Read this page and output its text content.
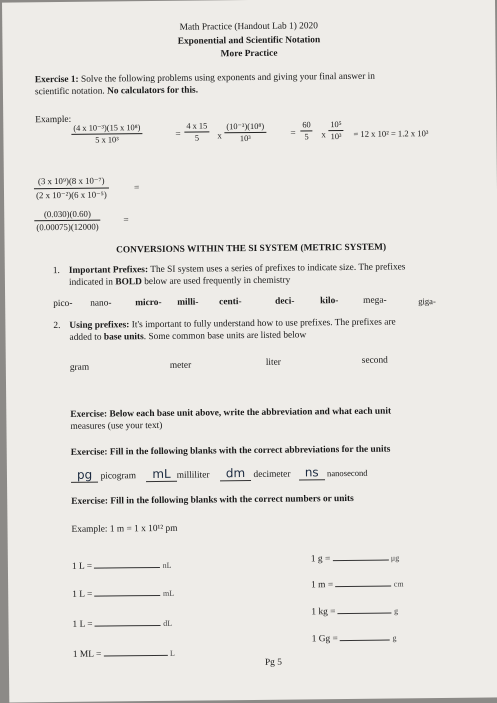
Math Practice (Handout Lab 1) 2020
Exponential and Scientific Notation
More Practice
Exercise 1: Solve the following problems using exponents and giving your final answer in
scientific notation. No calculators for this.
Example:
$\frac{\text{(4 x 10⁻³)(15 x 10⁸)}}{\text{5 x 10³}}$	= $\frac{4 x 15}{5}$ x $\frac{\text{(10⁻³)(10⁸)}}{\text{10³}}$	= $\frac{60}{5}$ x $\frac{\text{10⁵}}{\text{10³}} = 12$ x 10² = 1.2 x 10³
$\frac{\text{(3 x 10⁹)(8 x 10⁻⁷)}}{\text{(2 x 10⁻²)(6 x 10⁻⁵)}}$	=
$\frac{(0.030)(0.60)}{(0.00075)(12000)}$ =
CONVERSIONS WITHIN THE SI SYSTEM (METRIC SYSTEM)
1. Important Prefixes: The SI system uses a series of prefixes to indicate size. The prefixes
indicated in BOLD below are used frequently in chemistry
pico- nano-	micro- milli- centi-	deci-	kilo-	mega-	giga-
2. Using prefixes: It's important to fully understand how to use prefixes. The prefixes are
added to base units. Some common base units are listed below
gram	meter	liter	second
Exercise: Below each base unit above, write the abbreviation and what each unit
measures (use your text)
Exercise: Fill in the following blanks with the correct abbreviations for the units
pg picogram mL milliliter dm decimeter ns nanosecond
Exercise: Fill in the following blanks with the correct numbers or units
Example: 1 m = 1 x 10¹² pm
1 L =	nL
1 L =	mL
1 L =	dL
1 ML =	L
1 g =	μg
1 m =	cm
1 kg =	g
1 Gg =	g
Pg 5
